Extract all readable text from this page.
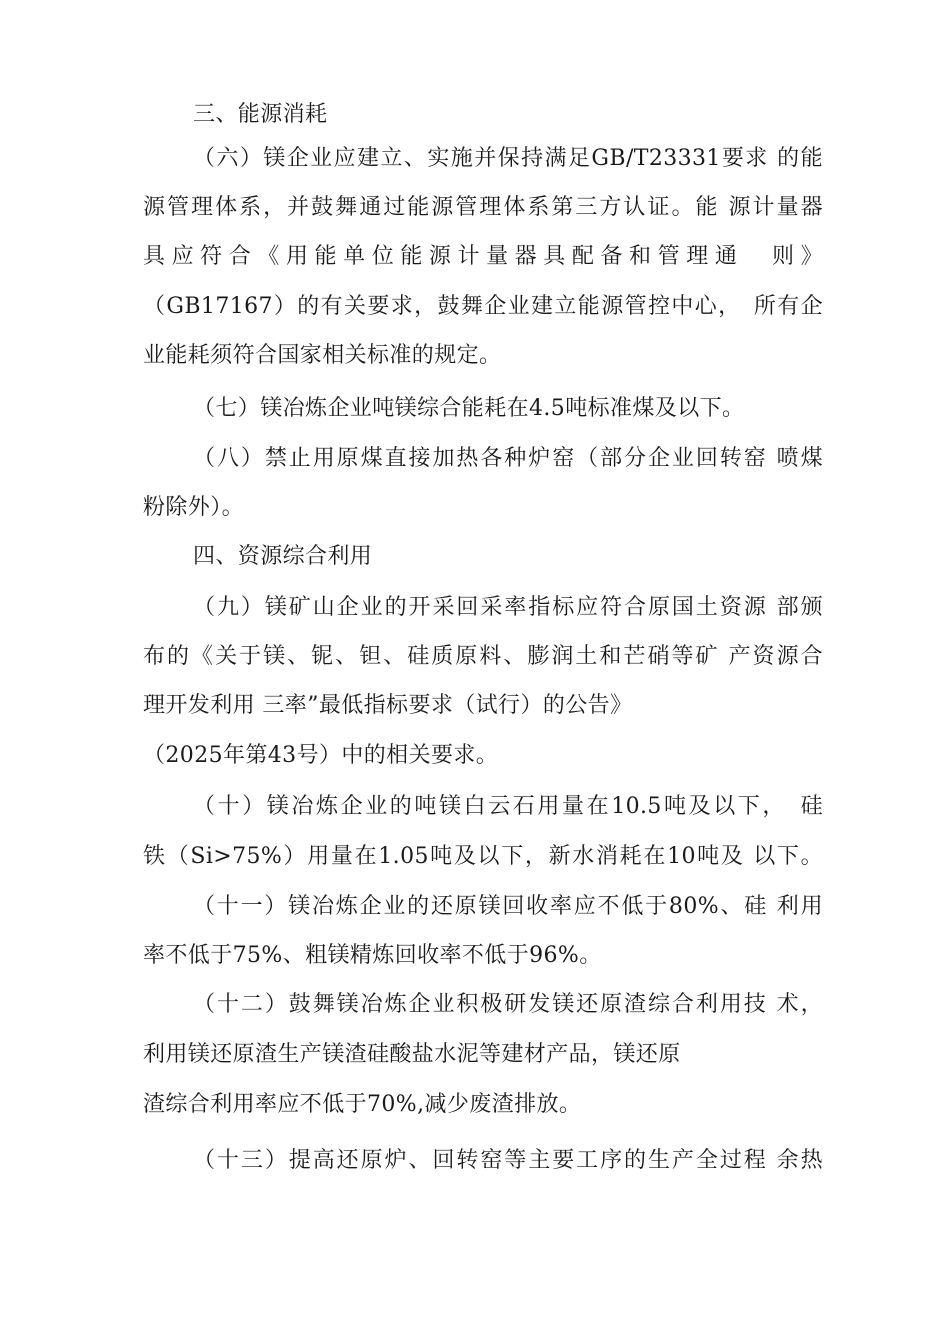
三、能源消耗
（六）镁企业应建立、实施并保持满足GB/T23331要求 的能
源管理体系，并鼓舞通过能源管理体系第三方认证。能 源计量器
具应符合《用能单位能源计量器具配备和管理通　则》
（GB17167）的有关要求，鼓舞企业建立能源管控中心，　所有企
业能耗须符合国家相关标准的规定。
（七）镁冶炼企业吨镁综合能耗在4.5吨标准煤及以下。
（八）禁止用原煤直接加热各种炉窑（部分企业回转窑 喷煤
粉除外）。
四、资源综合利用
（九）镁矿山企业的开采回采率指标应符合原国土资源 部颁
布的《关于镁、铌、钽、硅质原料、膨润土和芒硝等矿 产资源合
理开发利用 三率”最低指标要求（试行）的公告》
（2025年第43号）中的相关要求。
（十）镁冶炼企业的吨镁白云石用量在10.5吨及以下，　硅
铁（Si>75%）用量在1.05吨及以下，新水消耗在10吨及 以下。
（十一）镁冶炼企业的还原镁回收率应不低于80%、硅 利用
率不低于75%、粗镁精炼回收率不低于96%。
（十二）鼓舞镁冶炼企业积极研发镁还原渣综合利用技 术，
利用镁还原渣生产镁渣硅酸盐水泥等建材产品，镁还原
渣综合利用率应不低于70%,减少废渣排放。
（十三）提高还原炉、回转窑等主要工序的生产全过程 余热
